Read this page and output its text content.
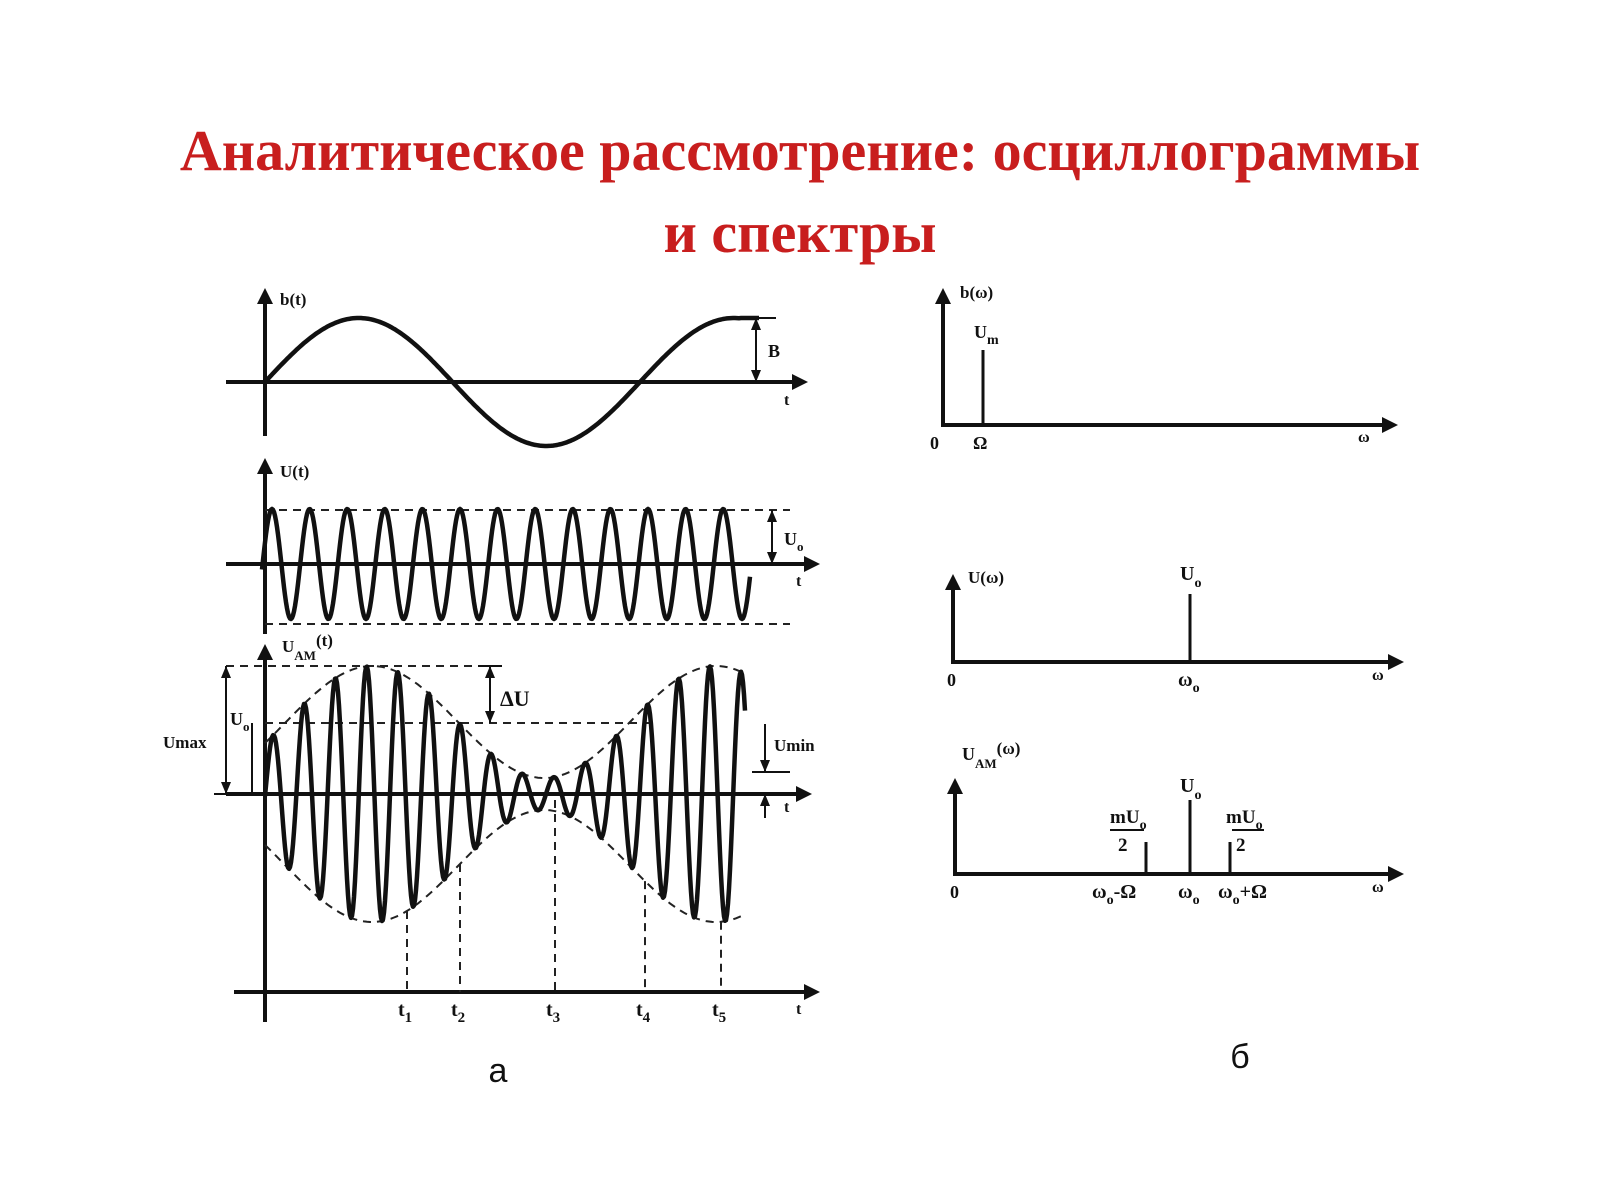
Аналитическое рассмотрение: осциллограммы
и спектры
b(t)
t
B
U(t)
t
$U_o$
$U_{AM}(t)$
t
$t_1$ $t_2$	$t_3$	$t_4$	$t_5$
Umax
$U_o$
ΔU
Umin
t
а
b(ω)
ω
0
$U_m$
Ω
U(ω)
ω
0
$U_o$
$\omega_o$
$U_{AM}(\omega)$
ω
0
$U_o$
$mU_o$
2
$mU_o$
2
$\omega_o-\Omega$ $\omega_o$ $\omega_o+\Omega$
б
